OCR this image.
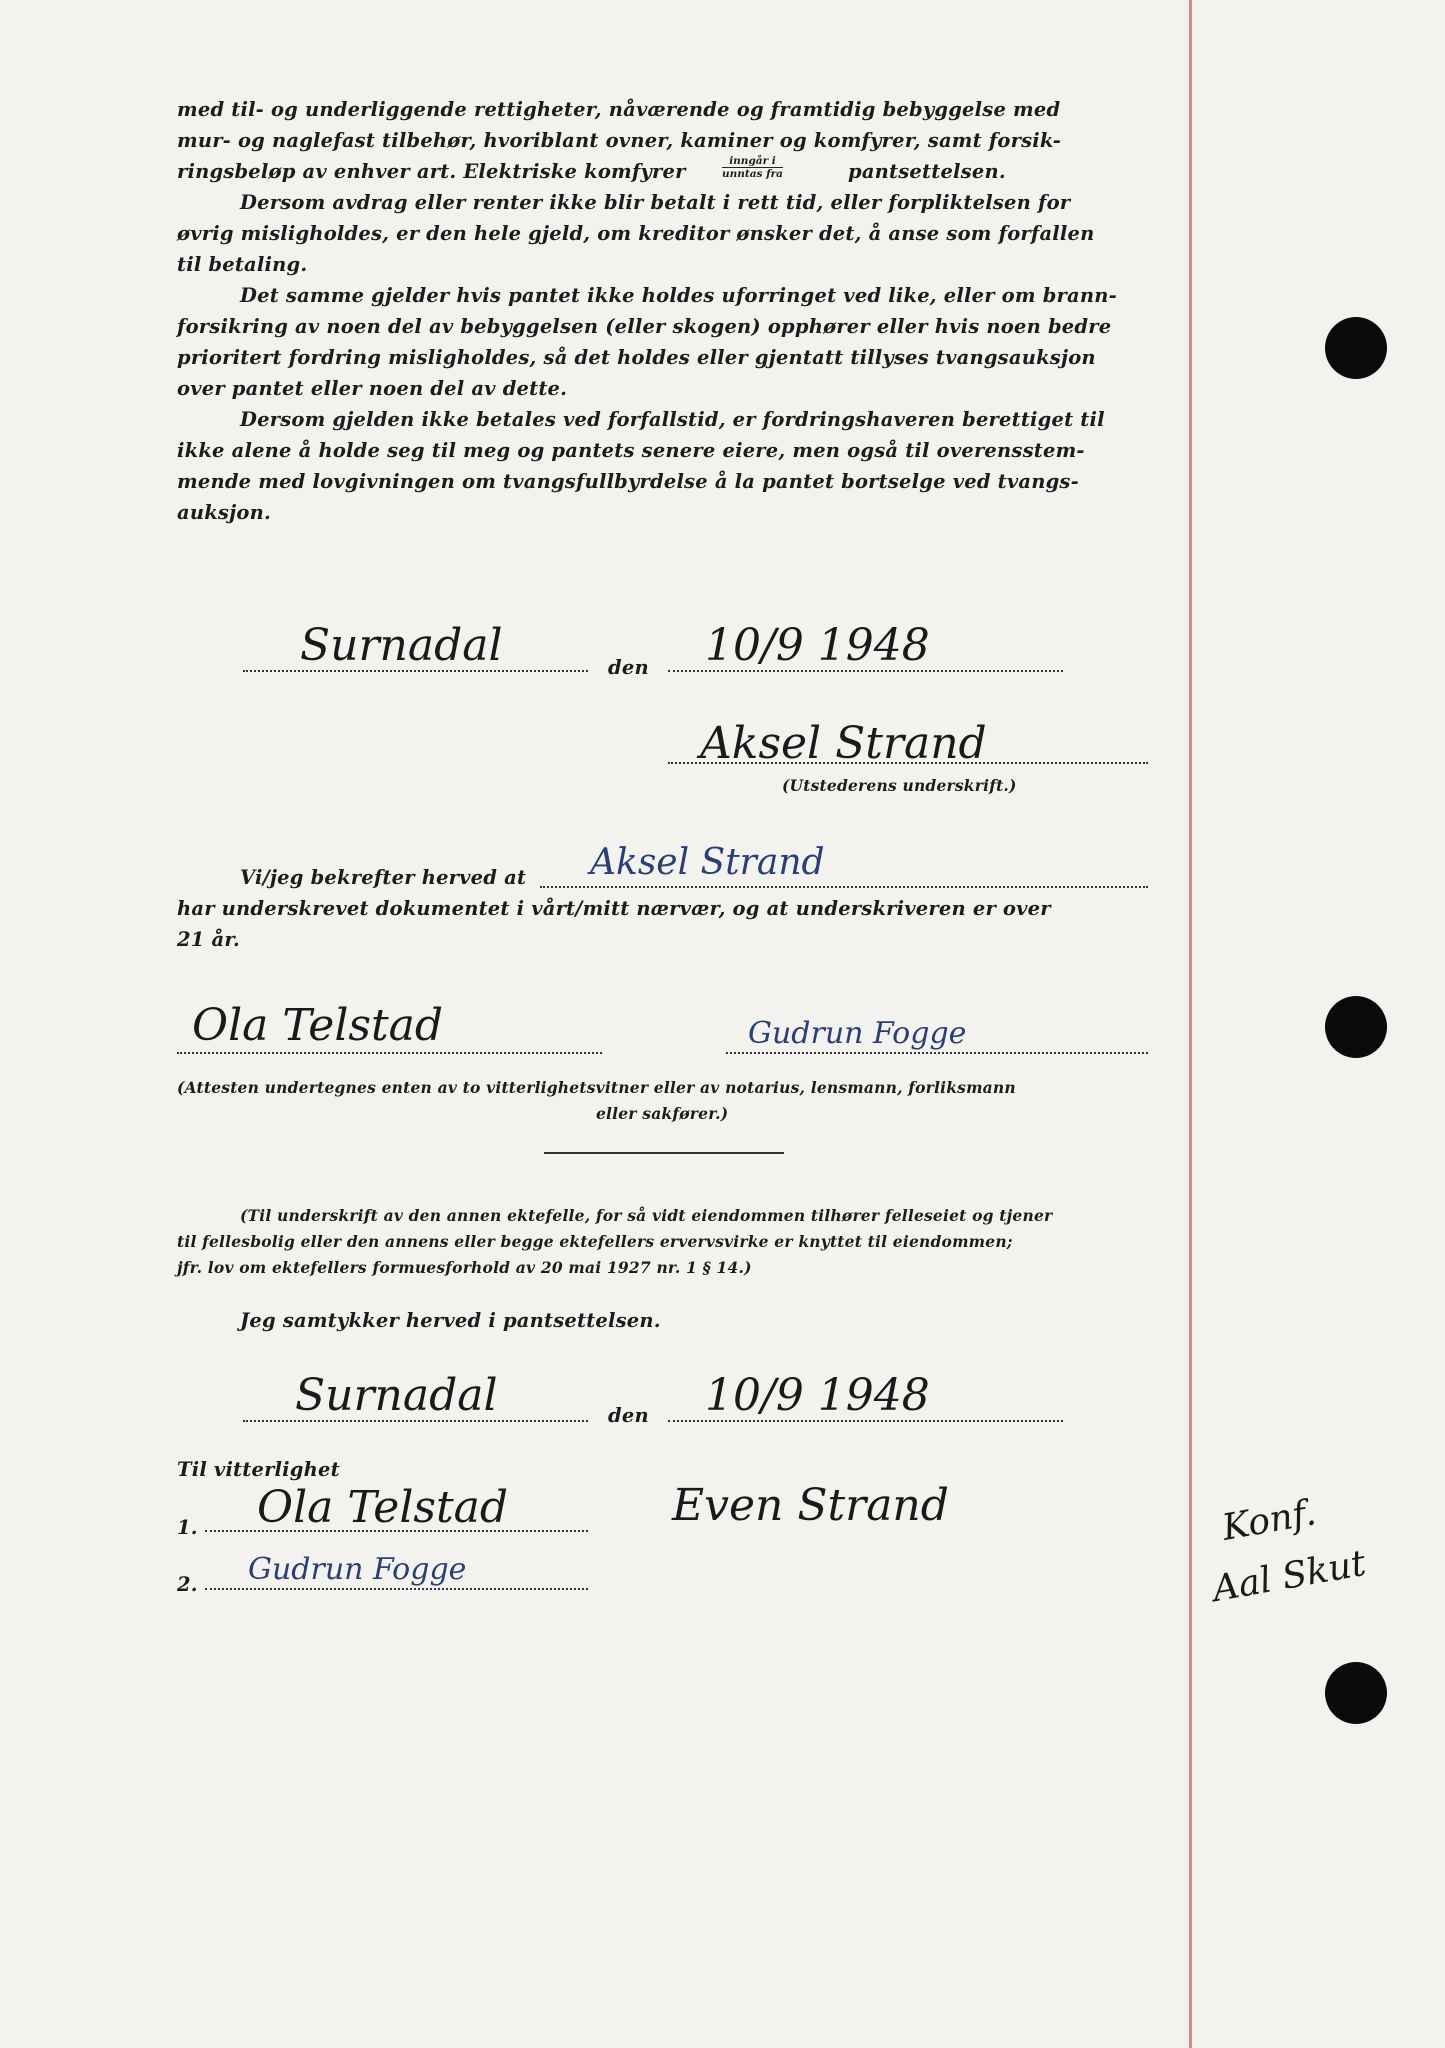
med til- og underliggende rettigheter, nåværende og framtidig bebyggelse med
mur- og naglefast tilbehør, hvoriblant ovner, kaminer og komfyrer, samt forsik-
ringsbeløp av enhver art. Elektriske komfyrer	inngår i
unntas fra	pantsettelsen.
Dersom avdrag eller renter ikke blir betalt i rett tid, eller forpliktelsen for
øvrig misligholdes, er den hele gjeld, om kreditor ønsker det, å anse som forfallen
til betaling.
Det samme gjelder hvis pantet ikke holdes uforringet ved like, eller om brann-
forsikring av noen del av bebyggelsen (eller skogen) opphører eller hvis noen bedre
prioritert fordring misligholdes, så det holdes eller gjentatt tillyses tvangsauksjon
over pantet eller noen del av dette.
Dersom gjelden ikke betales ved forfallstid, er fordringshaveren berettiget til
ikke alene å holde seg til meg og pantets senere eiere, men også til overensstem-
mende med lovgivningen om tvangsfullbyrdelse å la pantet bortselge ved tvangs-
auksjon.
Surnadal	den 10/9 1948
Aksel Strand
(Utstederens underskrift.)
Vi/jeg bekrefter herved at Aksel Strand
har underskrevet dokumentet i vårt/mitt nærvær, og at underskriveren er over
21 år.
Ola Telstad	Gudrun Fogge
(Attesten undertegnes enten av to vitterlighetsvitner eller av notarius, lensmann, forliksmann
eller sakfører.)
(Til underskrift av den annen ektefelle, for så vidt eiendommen tilhører felleseiet og tjener
til fellesbolig eller den annens eller begge ektefellers ervervsvirke er knyttet til eiendommen;
jfr. lov om ektefellers formuesforhold av 20 mai 1927 nr. 1 § 14.)
Jeg samtykker herved i pantsettelsen.
Surnadal	den 10/9 1948
Til vitterlighet
1. Ola Telstad	Even Strand
2. Gudrun Fogge
Konf.
Aal Skut
